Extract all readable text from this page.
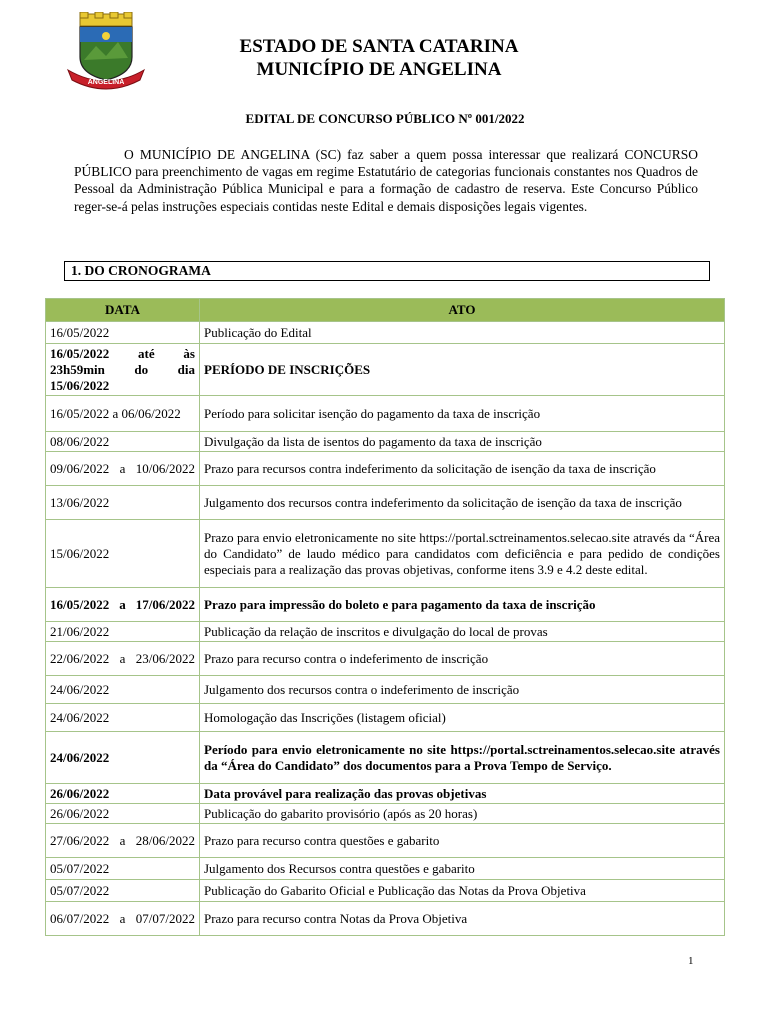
ANGELINA
ESTADO DE SANTA CATARINA
MUNICÍPIO DE ANGELINA
EDITAL DE CONCURSO PÚBLICO Nº 001/2022
O MUNICÍPIO DE ANGELINA (SC) faz saber a quem possa interessar que realizará CONCURSO PÚBLICO para preenchimento de vagas em regime Estatutário de categorias funcionais constantes nos Quadros de Pessoal da Administração Pública Municipal e para a formação de cadastro de reserva. Este Concurso Público reger-se-á pelas instruções especiais contidas neste Edital e demais disposições legais vigentes.
1. DO CRONOGRAMA
DATA	ATO
16/05/2022	Publicação do Edital
16/05/2022 até às 23h59min do dia 15/06/2022	PERÍODO DE INSCRIÇÕES
16/05/2022 a 06/06/2022	Período para solicitar isenção do pagamento da taxa de inscrição
08/06/2022	Divulgação da lista de isentos do pagamento da taxa de inscrição
09/06/2022 a 10/06/2022	Prazo para recursos contra indeferimento da solicitação de isenção da taxa de inscrição
13/06/2022	Julgamento dos recursos contra indeferimento da solicitação de isenção da taxa de inscrição
15/06/2022	Prazo para envio eletronicamente no site https://portal.sctreinamentos.selecao.site através da “Área do Candidato” de laudo médico para candidatos com deficiência e para pedido de condições especiais para a realização das provas objetivas, conforme itens 3.9 e 4.2 deste edital.
16/05/2022 a 17/06/2022	Prazo para impressão do boleto e para pagamento da taxa de inscrição
21/06/2022	Publicação da relação de inscritos e divulgação do local de provas
22/06/2022 a 23/06/2022	Prazo para recurso contra o indeferimento de inscrição
24/06/2022	Julgamento dos recursos contra o indeferimento de inscrição
24/06/2022	Homologação das Inscrições (listagem oficial)
24/06/2022	Período para envio eletronicamente no site https://portal.sctreinamentos.selecao.site através da “Área do Candidato” dos documentos para a Prova Tempo de Serviço.
26/06/2022	Data provável para realização das provas objetivas
26/06/2022	Publicação do gabarito provisório (após as 20 horas)
27/06/2022 a 28/06/2022	Prazo para recurso contra questões e gabarito
05/07/2022	Julgamento dos Recursos contra questões e gabarito
05/07/2022	Publicação do Gabarito Oficial e Publicação das Notas da Prova Objetiva
06/07/2022 a 07/07/2022	Prazo para recurso contra Notas da Prova Objetiva
1
